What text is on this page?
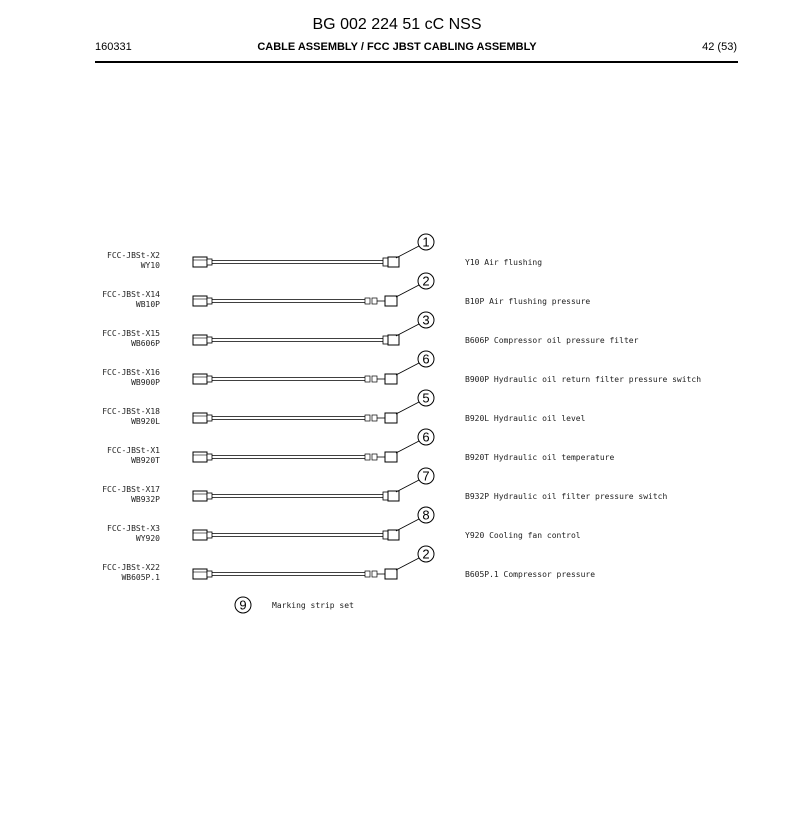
BG 002 224 51 cC NSS
160331	CABLE ASSEMBLY / FCC JBST CABLING ASSEMBLY	42 (53)
FCC-JBSt-X2
WY10
1
Y10 Air flushing
FCC-JBSt-X14
WB10P
2
B10P Air flushing pressure
FCC-JBSt-X15
WB606P
3
B606P Compressor oil pressure filter
FCC-JBSt-X16
WB900P
6
B900P Hydraulic oil return filter pressure switch
FCC-JBSt-X18
WB920L
5
B920L Hydraulic oil level
FCC-JBSt-X1
WB920T
6
B920T Hydraulic oil temperature
FCC-JBSt-X17
WB932P
7
B932P Hydraulic oil filter pressure switch
FCC-JBSt-X3
WY920
8
Y920 Cooling fan control
FCC-JBSt-X22
WB605P.1
2
B605P.1 Compressor pressure
9	Marking strip set
